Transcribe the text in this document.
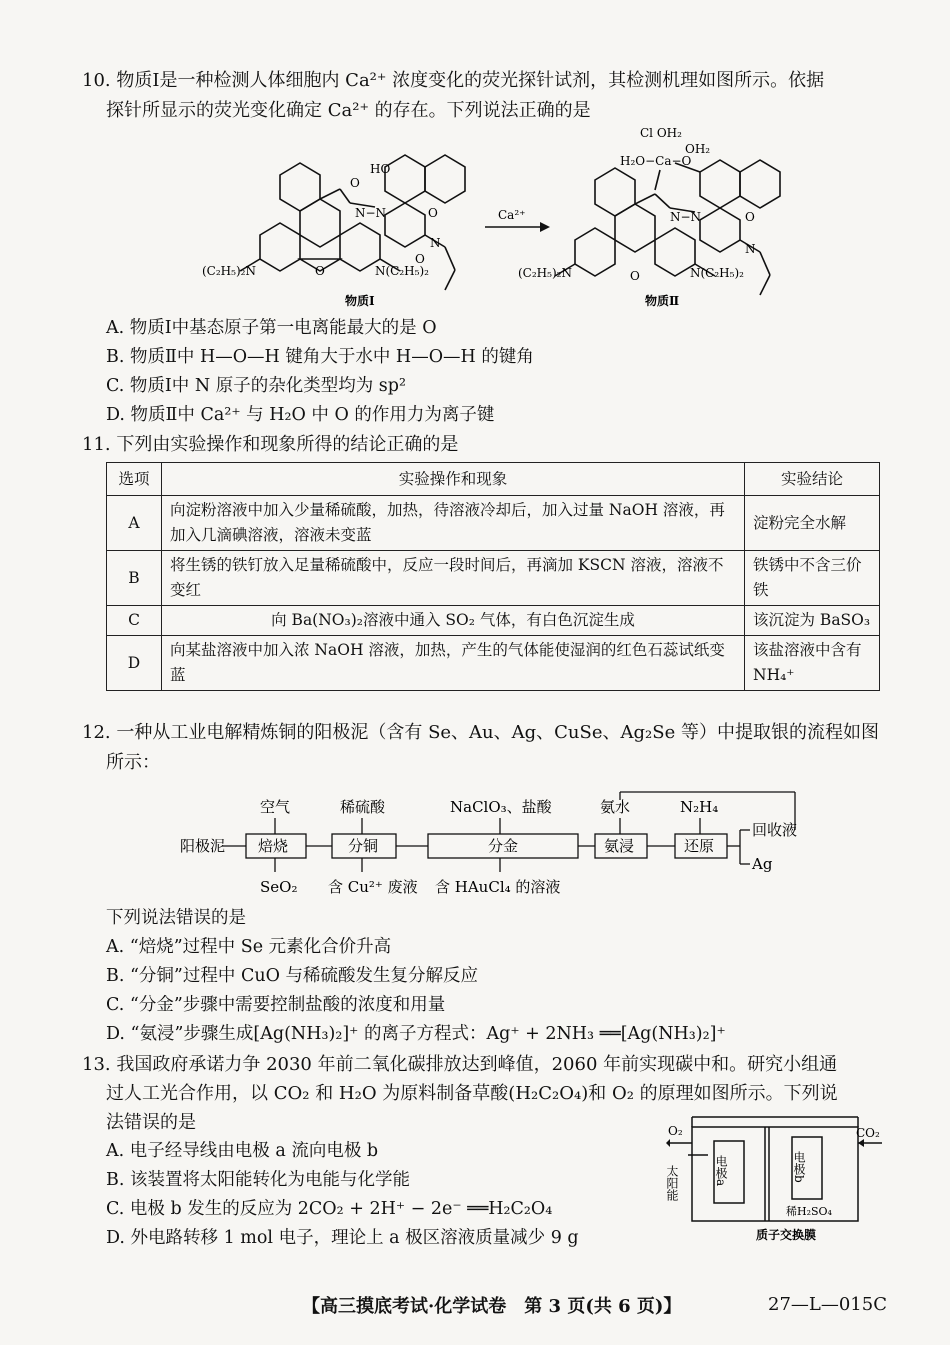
10. 物质Ⅰ是一种检测人体细胞内 Ca²⁺ 浓度变化的荧光探针试剂，其检测机理如图所示。依据
探针所显示的荧光变化确定 Ca²⁺ 的存在。下列说法正确的是
Ca²⁺
HO
O
N−N	O
N
O
O
(C₂H₅)₂N	N(C₂H₅)₂
Cl OH₂
H₂O−Ca−O
OH₂
N−N	O
N
O
(C₂H₅)₂N	N(C₂H₅)₂
物质Ⅰ	物质Ⅱ
A. 物质Ⅰ中基态原子第一电离能最大的是 O
B. 物质Ⅱ中 H—O—H 键角大于水中 H—O—H 的键角
C. 物质Ⅰ中 N 原子的杂化类型均为 sp²
D. 物质Ⅱ中 Ca²⁺ 与 H₂O 中 O 的作用力为离子键
11. 下列由实验操作和现象所得的结论正确的是
选项	实验操作和现象	实验结论
A	向淀粉溶液中加入少量稀硫酸，加热，待溶液冷却后，加入过量 NaOH 溶液，再加入几滴碘溶液，溶液未变蓝	淀粉完全水解
B	将生锈的铁钉放入足量稀硫酸中，反应一段时间后，再滴加 KSCN 溶液，溶液不变红	铁锈中不含三价铁
C	向 Ba(NO₃)₂溶液中通入 SO₂ 气体，有白色沉淀生成	该沉淀为 BaSO₃
D	向某盐溶液中加入浓 NaOH 溶液，加热，产生的气体能使湿润的红色石蕊试纸变蓝	该盐溶液中含有 NH₄⁺
12. 一种从工业电解精炼铜的阳极泥（含有 Se、Au、Ag、CuSe、Ag₂Se 等）中提取银的流程如图
所示：
阳极泥 焙烧	分铜	分金	氨浸	还原
空气	稀硫酸	NaClO₃、盐酸	氨水	N₂H₄
SeO₂ 含 Cu²⁺ 废液 含 HAuCl₄ 的溶液
回收液
Ag
下列说法错误的是
A. “焙烧”过程中 Se 元素化合价升高
B. “分铜”过程中 CuO 与稀硫酸发生复分解反应
C. “分金”步骤中需要控制盐酸的浓度和用量
D. “氨浸”步骤生成[Ag(NH₃)₂]⁺ 的离子方程式：Ag⁺ + 2NH₃ ══[Ag(NH₃)₂]⁺
13. 我国政府承诺力争 2030 年前二氧化碳排放达到峰值，2060 年前实现碳中和。研究小组通
过人工光合作用，以 CO₂ 和 H₂O 为原料制备草酸(H₂C₂O₄)和 O₂ 的原理如图所示。下列说
法错误的是
A. 电子经导线由电极 a 流向电极 b
B. 该装置将太阳能转化为电能与化学能
C. 电极 b 发生的反应为 2CO₂ + 2H⁺ − 2e⁻ ══H₂C₂O₄
D. 外电路转移 1 mol 电子，理论上 a 极区溶液质量减少 9 g
O₂	CO₂
太阳能	电极a	电极b
稀H₂SO₄
质子交换膜
【高三摸底考试·化学试卷　第 3 页(共 6 页)】	27—L—015C
